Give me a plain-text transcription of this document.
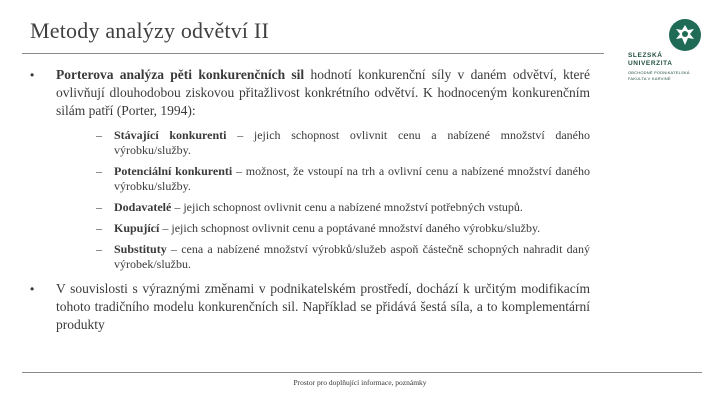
Metody analýzy odvětví II
SLEZSKÁ
UNIVERZITA
OBCHODNĚ PODNIKATELSKÁ
FAKULTA V KARVINÉ
• Porterova analýza pěti konkurenčních sil hodnotí konkurenční síly v daném odvětví, které ovlivňují dlouhodobou ziskovou přitažlivost konkrétního odvětví. K hodnoceným konkurenčním silám patří (Porter, 1994):
– Stávající konkurenti – jejich schopnost ovlivnit cenu a nabízené množství daného výrobku/služby.
– Potenciální konkurenti – možnost, že vstoupí na trh a ovlivní cenu a nabízené množství daného výrobku/služby.
– Dodavatelé – jejich schopnost ovlivnit cenu a nabízené množství potřebných vstupů.
– Kupující – jejich schopnost ovlivnit cenu a poptávané množství daného výrobku/služby.
– Substituty – cena a nabízené množství výrobků/služeb aspoň částečně schopných nahradit daný výrobek/službu.
• V souvislosti s výraznými změnami v podnikatelském prostředí, dochází k určitým modifikacím tohoto tradičního modelu konkurenčních sil. Například se přidává šestá síla, a to komplementární produkty
Prostor pro doplňující informace, poznámky
